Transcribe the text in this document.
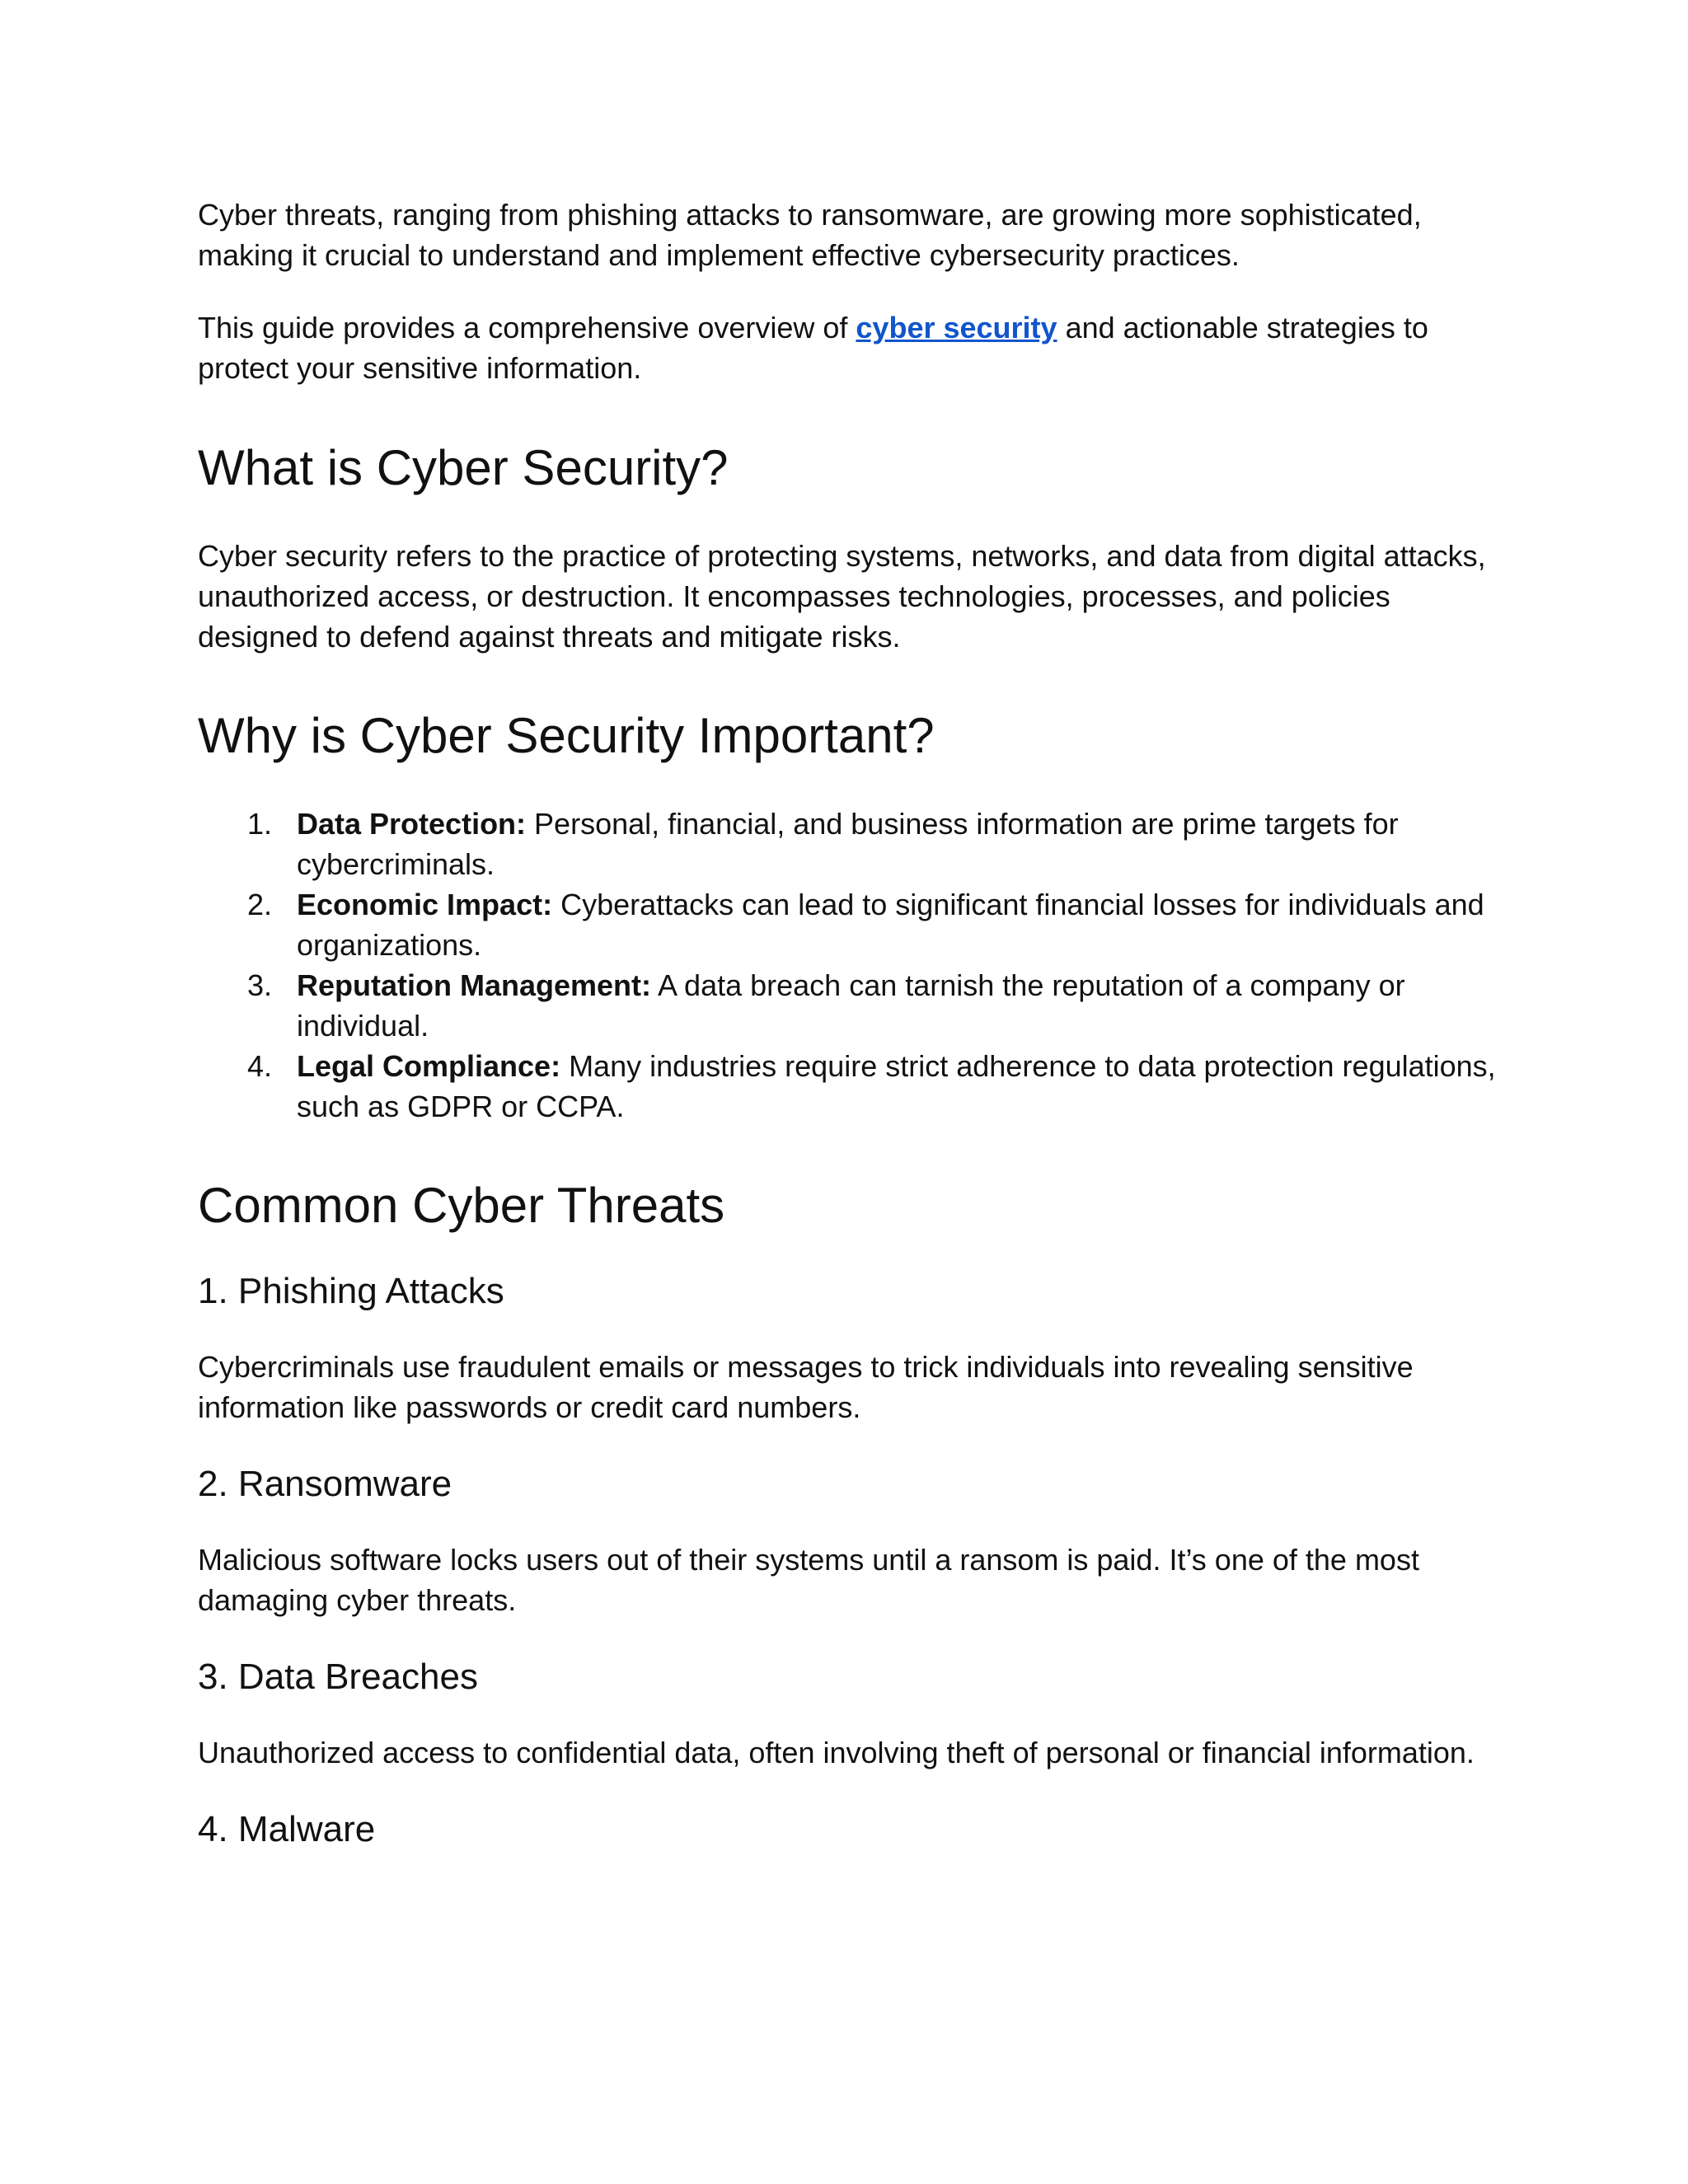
Cyber threats, ranging from phishing attacks to ransomware, are growing more sophisticated, making it crucial to understand and implement effective cybersecurity practices.

This guide provides a comprehensive overview of cyber security and actionable strategies to protect your sensitive information.

What is Cyber Security?

Cyber security refers to the practice of protecting systems, networks, and data from digital attacks, unauthorized access, or destruction. It encompasses technologies, processes, and policies designed to defend against threats and mitigate risks.

Why is Cyber Security Important?
1. Data Protection: Personal, financial, and business information are prime targets for cybercriminals.
2. Economic Impact: Cyberattacks can lead to significant financial losses for individuals and organizations.
3. Reputation Management: A data breach can tarnish the reputation of a company or individual.
4. Legal Compliance: Many industries require strict adherence to data protection regulations, such as GDPR or CCPA.
Common Cyber Threats
1. Phishing Attacks

Cybercriminals use fraudulent emails or messages to trick individuals into revealing sensitive information like passwords or credit card numbers.

2. Ransomware

Malicious software locks users out of their systems until a ransom is paid. It’s one of the most damaging cyber threats.

3. Data Breaches

Unauthorized access to confidential data, often involving theft of personal or financial information.

4. Malware
